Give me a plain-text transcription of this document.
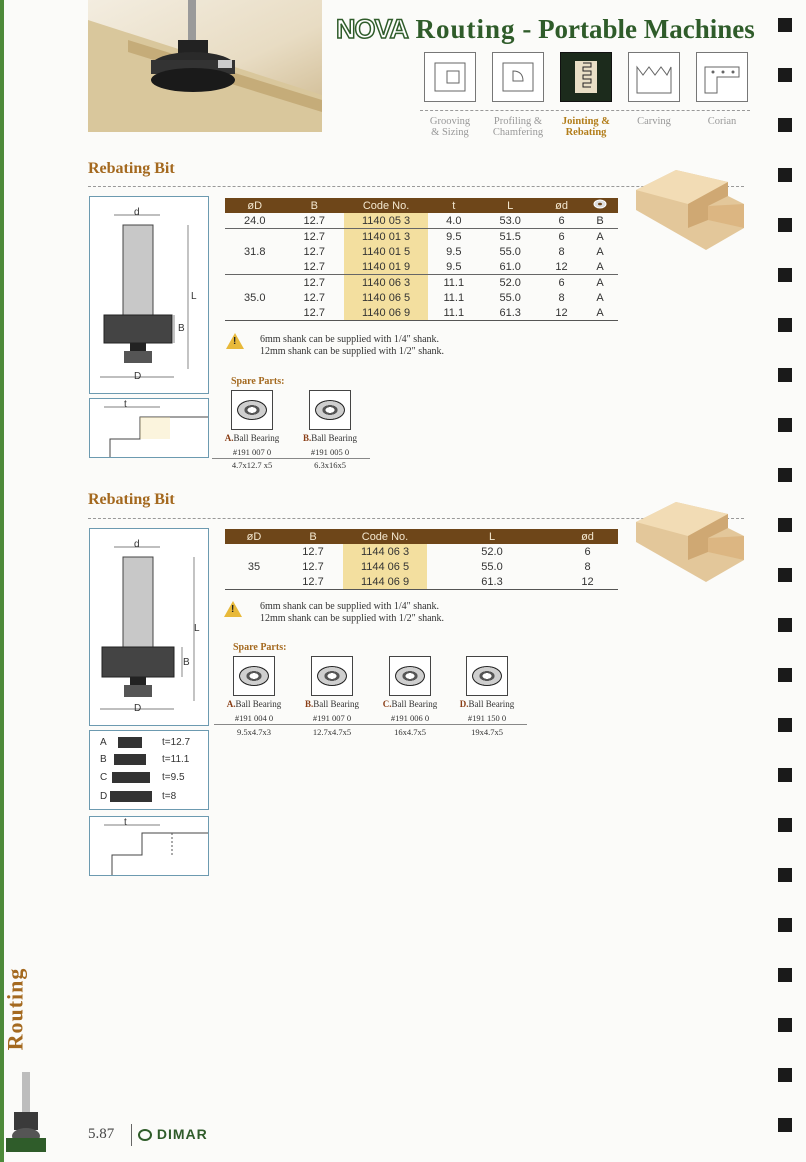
NOVA Routing - Portable Machines
Grooving
& Sizing
Profiling &
Chamfering
Jointing &
Rebating
Carving	Corian
Rebating Bit
d
L
B
D
t
øD	B	Code No.	t	L	ød	
24.0	12.7	1140 05 3	4.0	53.0	6	B
	12.7	1140 01 3	9.5	51.5	6	A
31.8	12.7	1140 01 5	9.5	55.0	8	A
	12.7	1140 01 9	9.5	61.0	12	A
	12.7	1140 06 3	11.1	52.0	6	A
35.0	12.7	1140 06 5	11.1	55.0	8	A
	12.7	1140 06 9	11.1	61.3	12	A
!
6mm shank can be supplied with 1/4" shank.
12mm shank can be supplied with 1/2" shank.
Spare Parts:
A.Ball Bearing	B.Ball Bearing
#191 007 0	#191 005 0
4.7x12.7 x5	6.3x16x5
Rebating Bit
d
L
B
D
A	t=12.7
B	t=11.1
C	t=9.5
D	t=8
t
øD	B	Code No.	L	ød
	12.7	1144 06 3	52.0	6
35	12.7	1144 06 5	55.0	8
	12.7	1144 06 9	61.3	12
!
6mm shank can be supplied with 1/4" shank.
12mm shank can be supplied with 1/2" shank.
Spare Parts:
A.Ball Bearing	B.Ball Bearing	C.Ball Bearing	D.Ball Bearing
#191 004 0	#191 007 0	#191 006 0	#191 150 0
9.5x4.7x3	12.7x4.7x5	16x4.7x5	19x4.7x5
Routing
5.87	DIMAR
